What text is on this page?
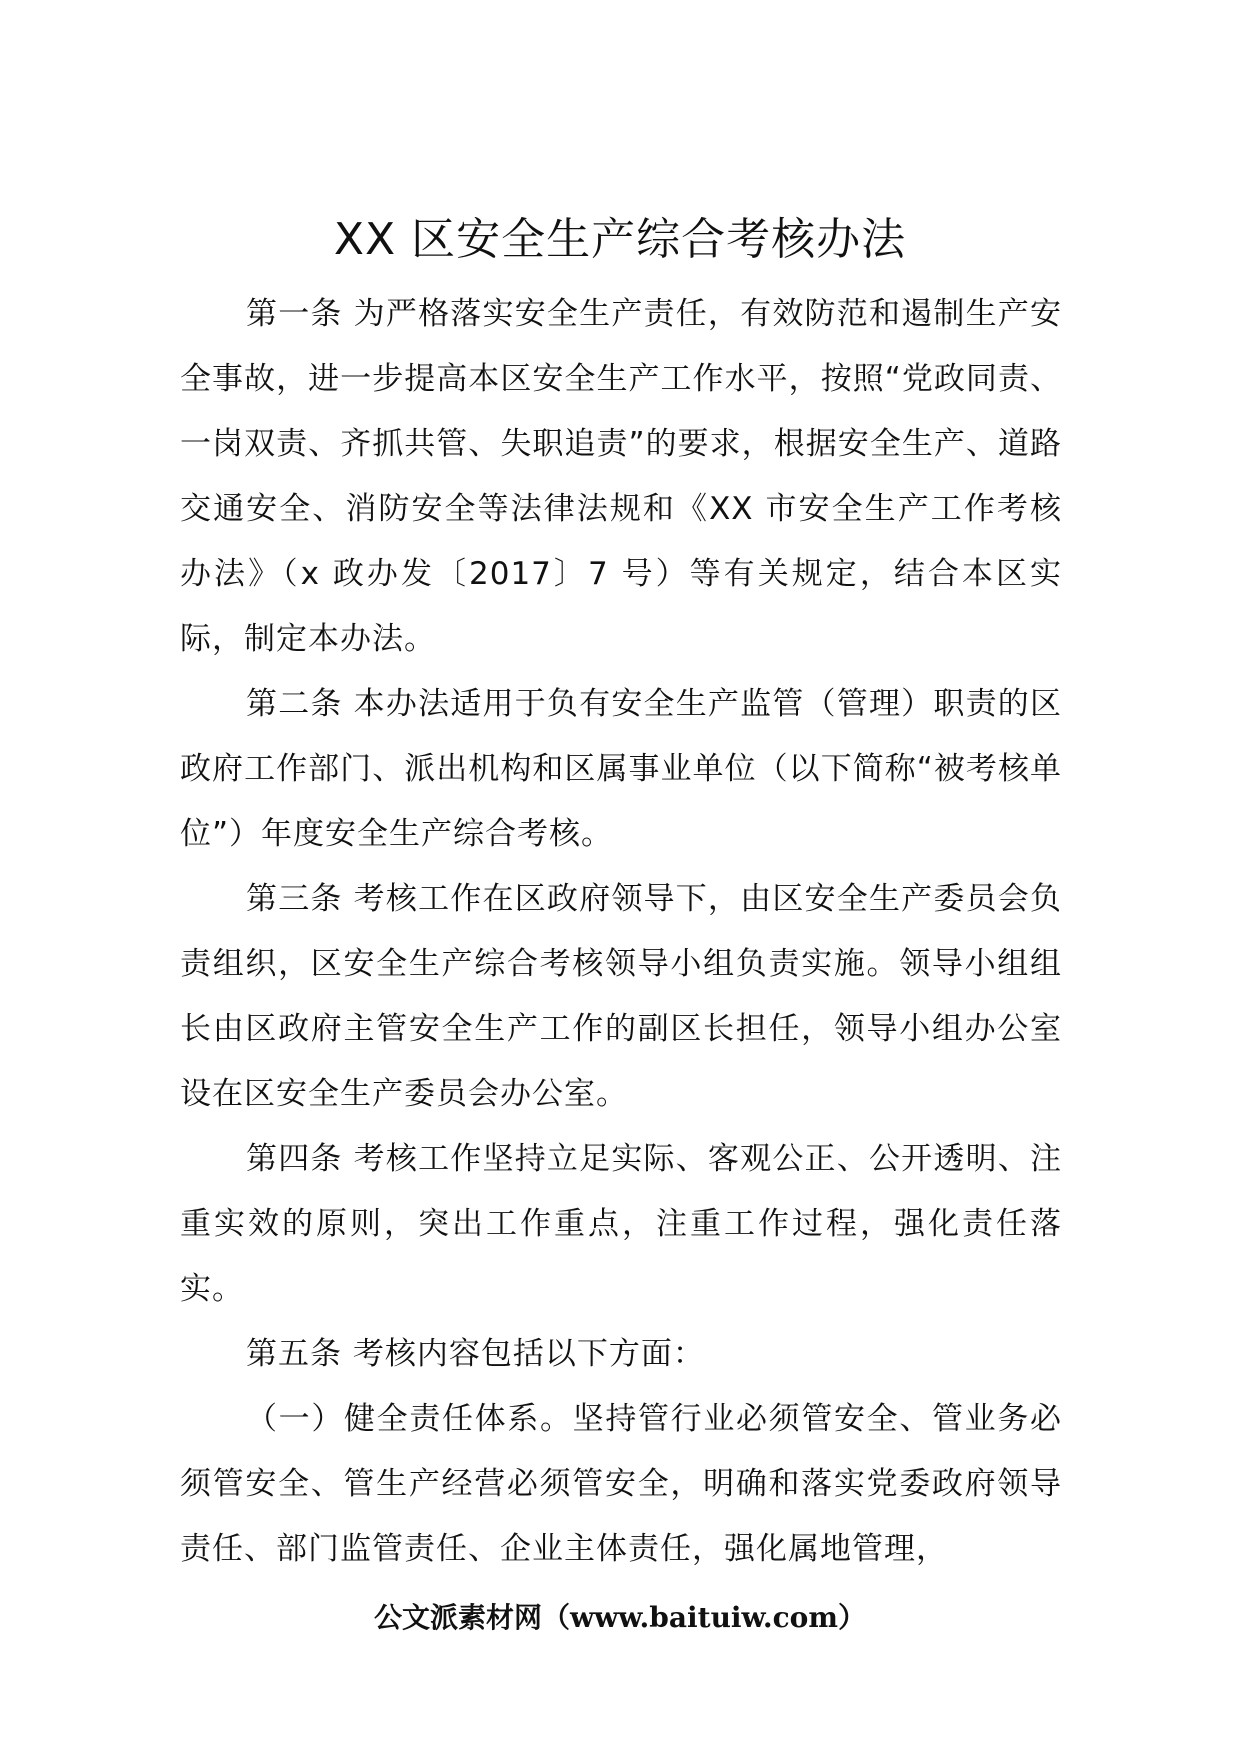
XX 区安全生产综合考核办法

第一条 为严格落实安全生产责任，有效防范和遏制生产安全事故，进一步提高本区安全生产工作水平，按照“党政同责、一岗双责、齐抓共管、失职追责”的要求，根据安全生产、道路交通安全、消防安全等法律法规和《XX 市安全生产工作考核办法》（x 政办发〔2017〕7 号）等有关规定，结合本区实际，制定本办法。

第二条 本办法适用于负有安全生产监管（管理）职责的区政府工作部门、派出机构和区属事业单位（以下简称“被考核单位”）年度安全生产综合考核。

第三条 考核工作在区政府领导下，由区安全生产委员会负责组织，区安全生产综合考核领导小组负责实施。领导小组组长由区政府主管安全生产工作的副区长担任，领导小组办公室设在区安全生产委员会办公室。

第四条 考核工作坚持立足实际、客观公正、公开透明、注重实效的原则，突出工作重点，注重工作过程，强化责任落实。

第五条 考核内容包括以下方面：

（一）健全责任体系。坚持管行业必须管安全、管业务必须管安全、管生产经营必须管安全，明确和落实党委政府领导责任、部门监管责任、企业主体责任，强化属地管理，

公文派素材网（www.baituiw.com）
